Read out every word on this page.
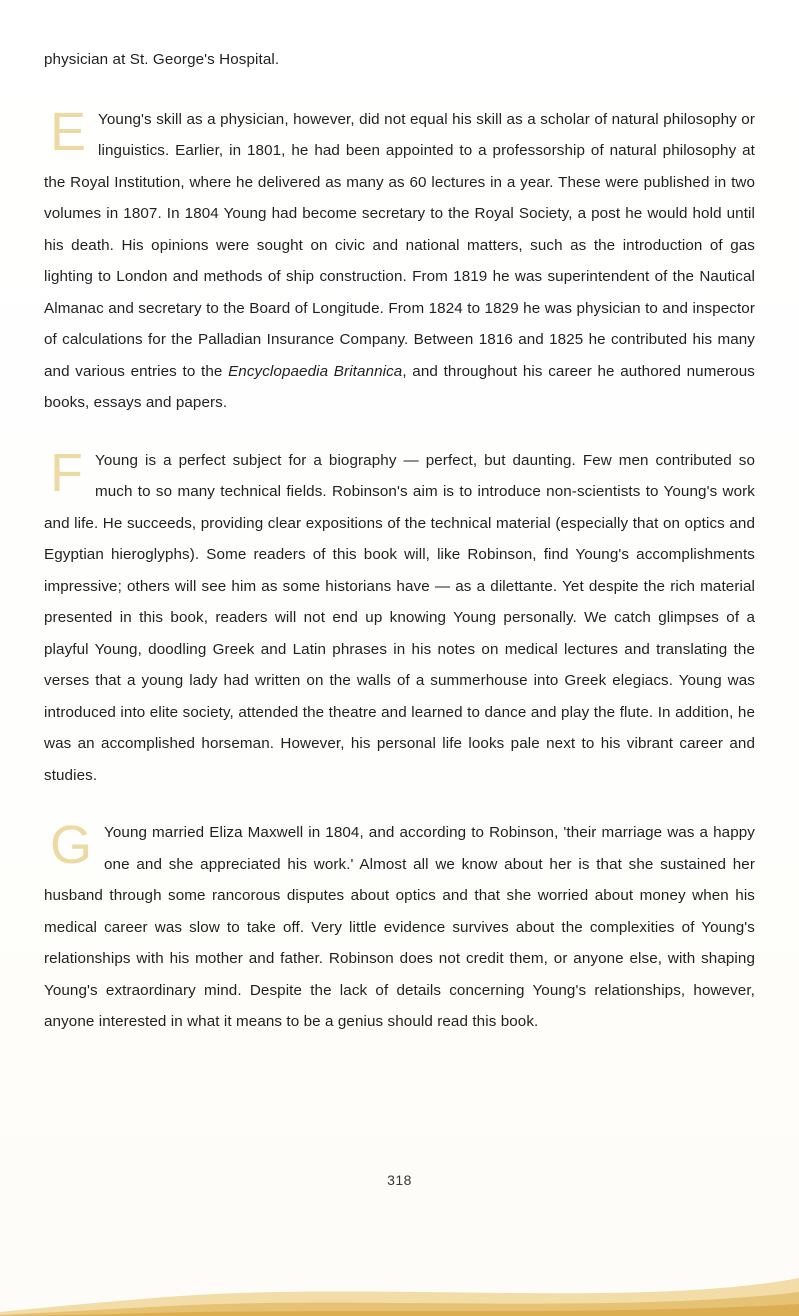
physician at St. George's Hospital.

E Young's skill as a physician, however, did not equal his skill as a scholar of natural philosophy or linguistics. Earlier, in 1801, he had been appointed to a professorship of natural philosophy at the Royal Institution, where he delivered as many as 60 lectures in a year. These were published in two volumes in 1807. In 1804 Young had become secretary to the Royal Society, a post he would hold until his death. His opinions were sought on civic and national matters, such as the introduction of gas lighting to London and methods of ship construction. From 1819 he was superintendent of the Nautical Almanac and secretary to the Board of Longitude. From 1824 to 1829 he was physician to and inspector of calculations for the Palladian Insurance Company. Between 1816 and 1825 he contributed his many and various entries to the Encyclopaedia Britannica, and throughout his career he authored numerous books, essays and papers.

F Young is a perfect subject for a biography — perfect, but daunting. Few men contributed so much to so many technical fields. Robinson's aim is to introduce non-scientists to Young's work and life. He succeeds, providing clear expositions of the technical material (especially that on optics and Egyptian hieroglyphs). Some readers of this book will, like Robinson, find Young's accomplishments impressive; others will see him as some historians have — as a dilettante. Yet despite the rich material presented in this book, readers will not end up knowing Young personally. We catch glimpses of a playful Young, doodling Greek and Latin phrases in his notes on medical lectures and translating the verses that a young lady had written on the walls of a summerhouse into Greek elegiacs. Young was introduced into elite society, attended the theatre and learned to dance and play the flute. In addition, he was an accomplished horseman. However, his personal life looks pale next to his vibrant career and studies.

G Young married Eliza Maxwell in 1804, and according to Robinson, 'their marriage was a happy one and she appreciated his work.' Almost all we know about her is that she sustained her husband through some rancorous disputes about optics and that she worried about money when his medical career was slow to take off. Very little evidence survives about the complexities of Young's relationships with his mother and father. Robinson does not credit them, or anyone else, with shaping Young's extraordinary mind. Despite the lack of details concerning Young's relationships, however, anyone interested in what it means to be a genius should read this book.

318
